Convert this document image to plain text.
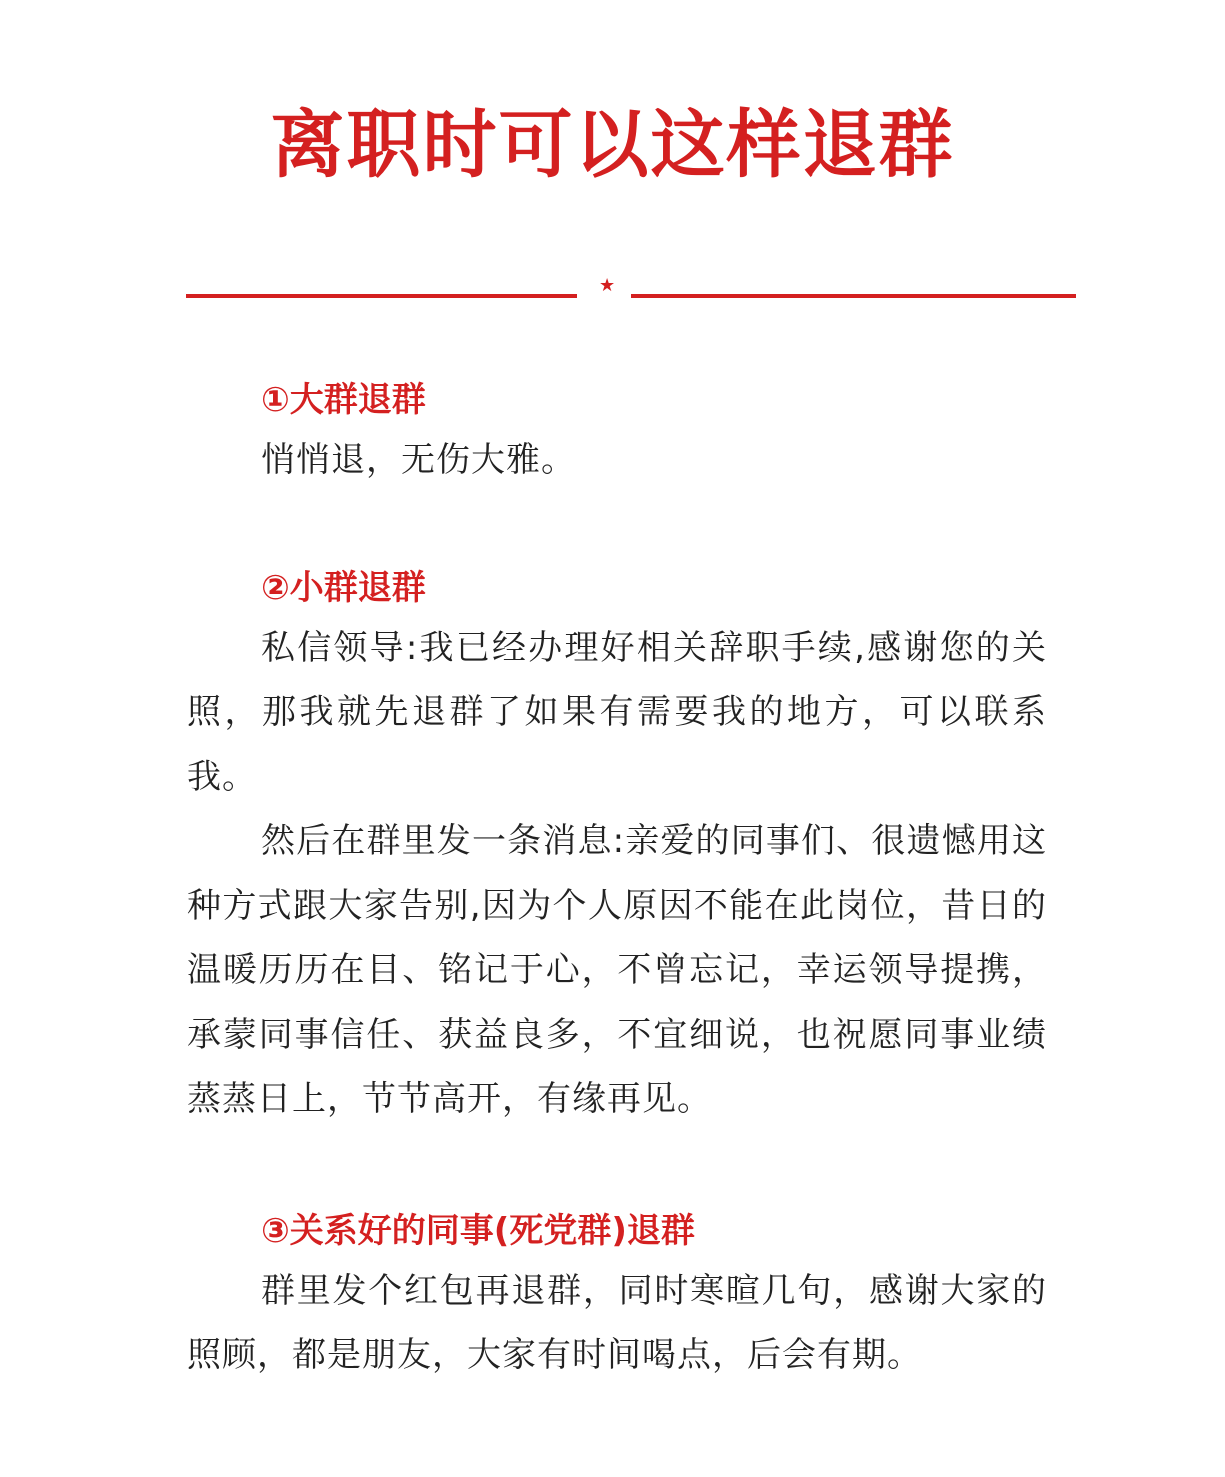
离职时可以这样退群
★
①大群退群

悄悄退，无伤大雅。

②小群退群

私信领导:我已经办理好相关辞职手续,感谢您的关照，那我就先退群了如果有需要我的地方，可以联系我。

然后在群里发一条消息:亲爱的同事们、很遗憾用这种方式跟大家告别,因为个人原因不能在此岗位，昔日的温暖历历在目、铭记于心，不曾忘记，幸运领导提携，承蒙同事信任、获益良多，不宜细说，也祝愿同事业绩蒸蒸日上，节节高开，有缘再见。

③关系好的同事(死党群)退群

群里发个红包再退群，同时寒暄几句，感谢大家的照顾，都是朋友，大家有时间喝点，后会有期。
